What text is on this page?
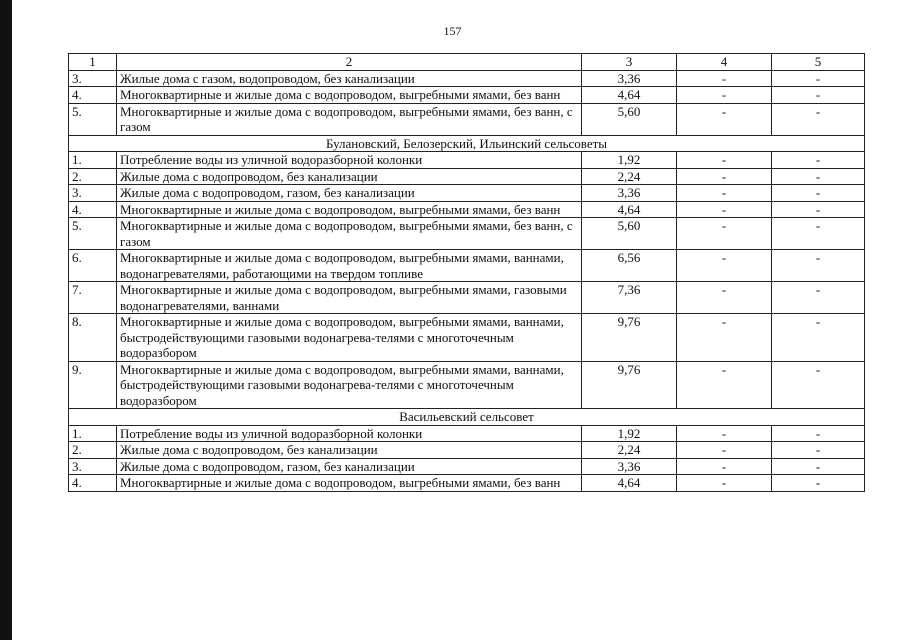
157
1	2	3	4	5
3.	Жилые дома с газом, водопроводом, без канализации	3,36	-	-
4.	Многоквартирные и жилые дома с водопроводом, выгребными ямами, без ванн	4,64	-	-
5.	Многоквартирные и жилые дома с водопроводом, выгребными ямами, без ванн, с газом	5,60	-	-
Булановский, Белозерский, Ильинский сельсоветы				
1.	Потребление воды из уличной водоразборной колонки	1,92	-	-
2.	Жилые дома с водопроводом, без канализации	2,24	-	-
3.	Жилые дома с водопроводом, газом, без канализации	3,36	-	-
4.	Многоквартирные и жилые дома с водопроводом, выгребными ямами, без ванн	4,64	-	-
5.	Многоквартирные и жилые дома с водопроводом, выгребными ямами, без ванн, с газом	5,60	-	-
6.	Многоквартирные и жилые дома с водопроводом, выгребными ямами, ваннами, водонагревателями, работающими на твердом топливе	6,56	-	-
7.	Многоквартирные и жилые дома с водопроводом, выгребными ямами, газовыми водонагревателями, ваннами	7,36	-	-
8.	Многоквартирные и жилые дома с водопроводом, выгребными ямами, ваннами, быстродействующими газовыми водонагрева-телями с многоточечным водоразбором	9,76	-	-
9.	Многоквартирные и жилые дома с водопроводом, выгребными ямами, ваннами, быстродействующими газовыми водонагрева-телями с многоточечным водоразбором	9,76	-	-
Васильевский сельсовет				
1.	Потребление воды из уличной водоразборной колонки	1,92	-	-
2.	Жилые дома с водопроводом, без канализации	2,24	-	-
3.	Жилые дома с водопроводом, газом, без канализации	3,36	-	-
4.	Многоквартирные и жилые дома с водопроводом, выгребными ямами, без ванн	4,64	-	-
